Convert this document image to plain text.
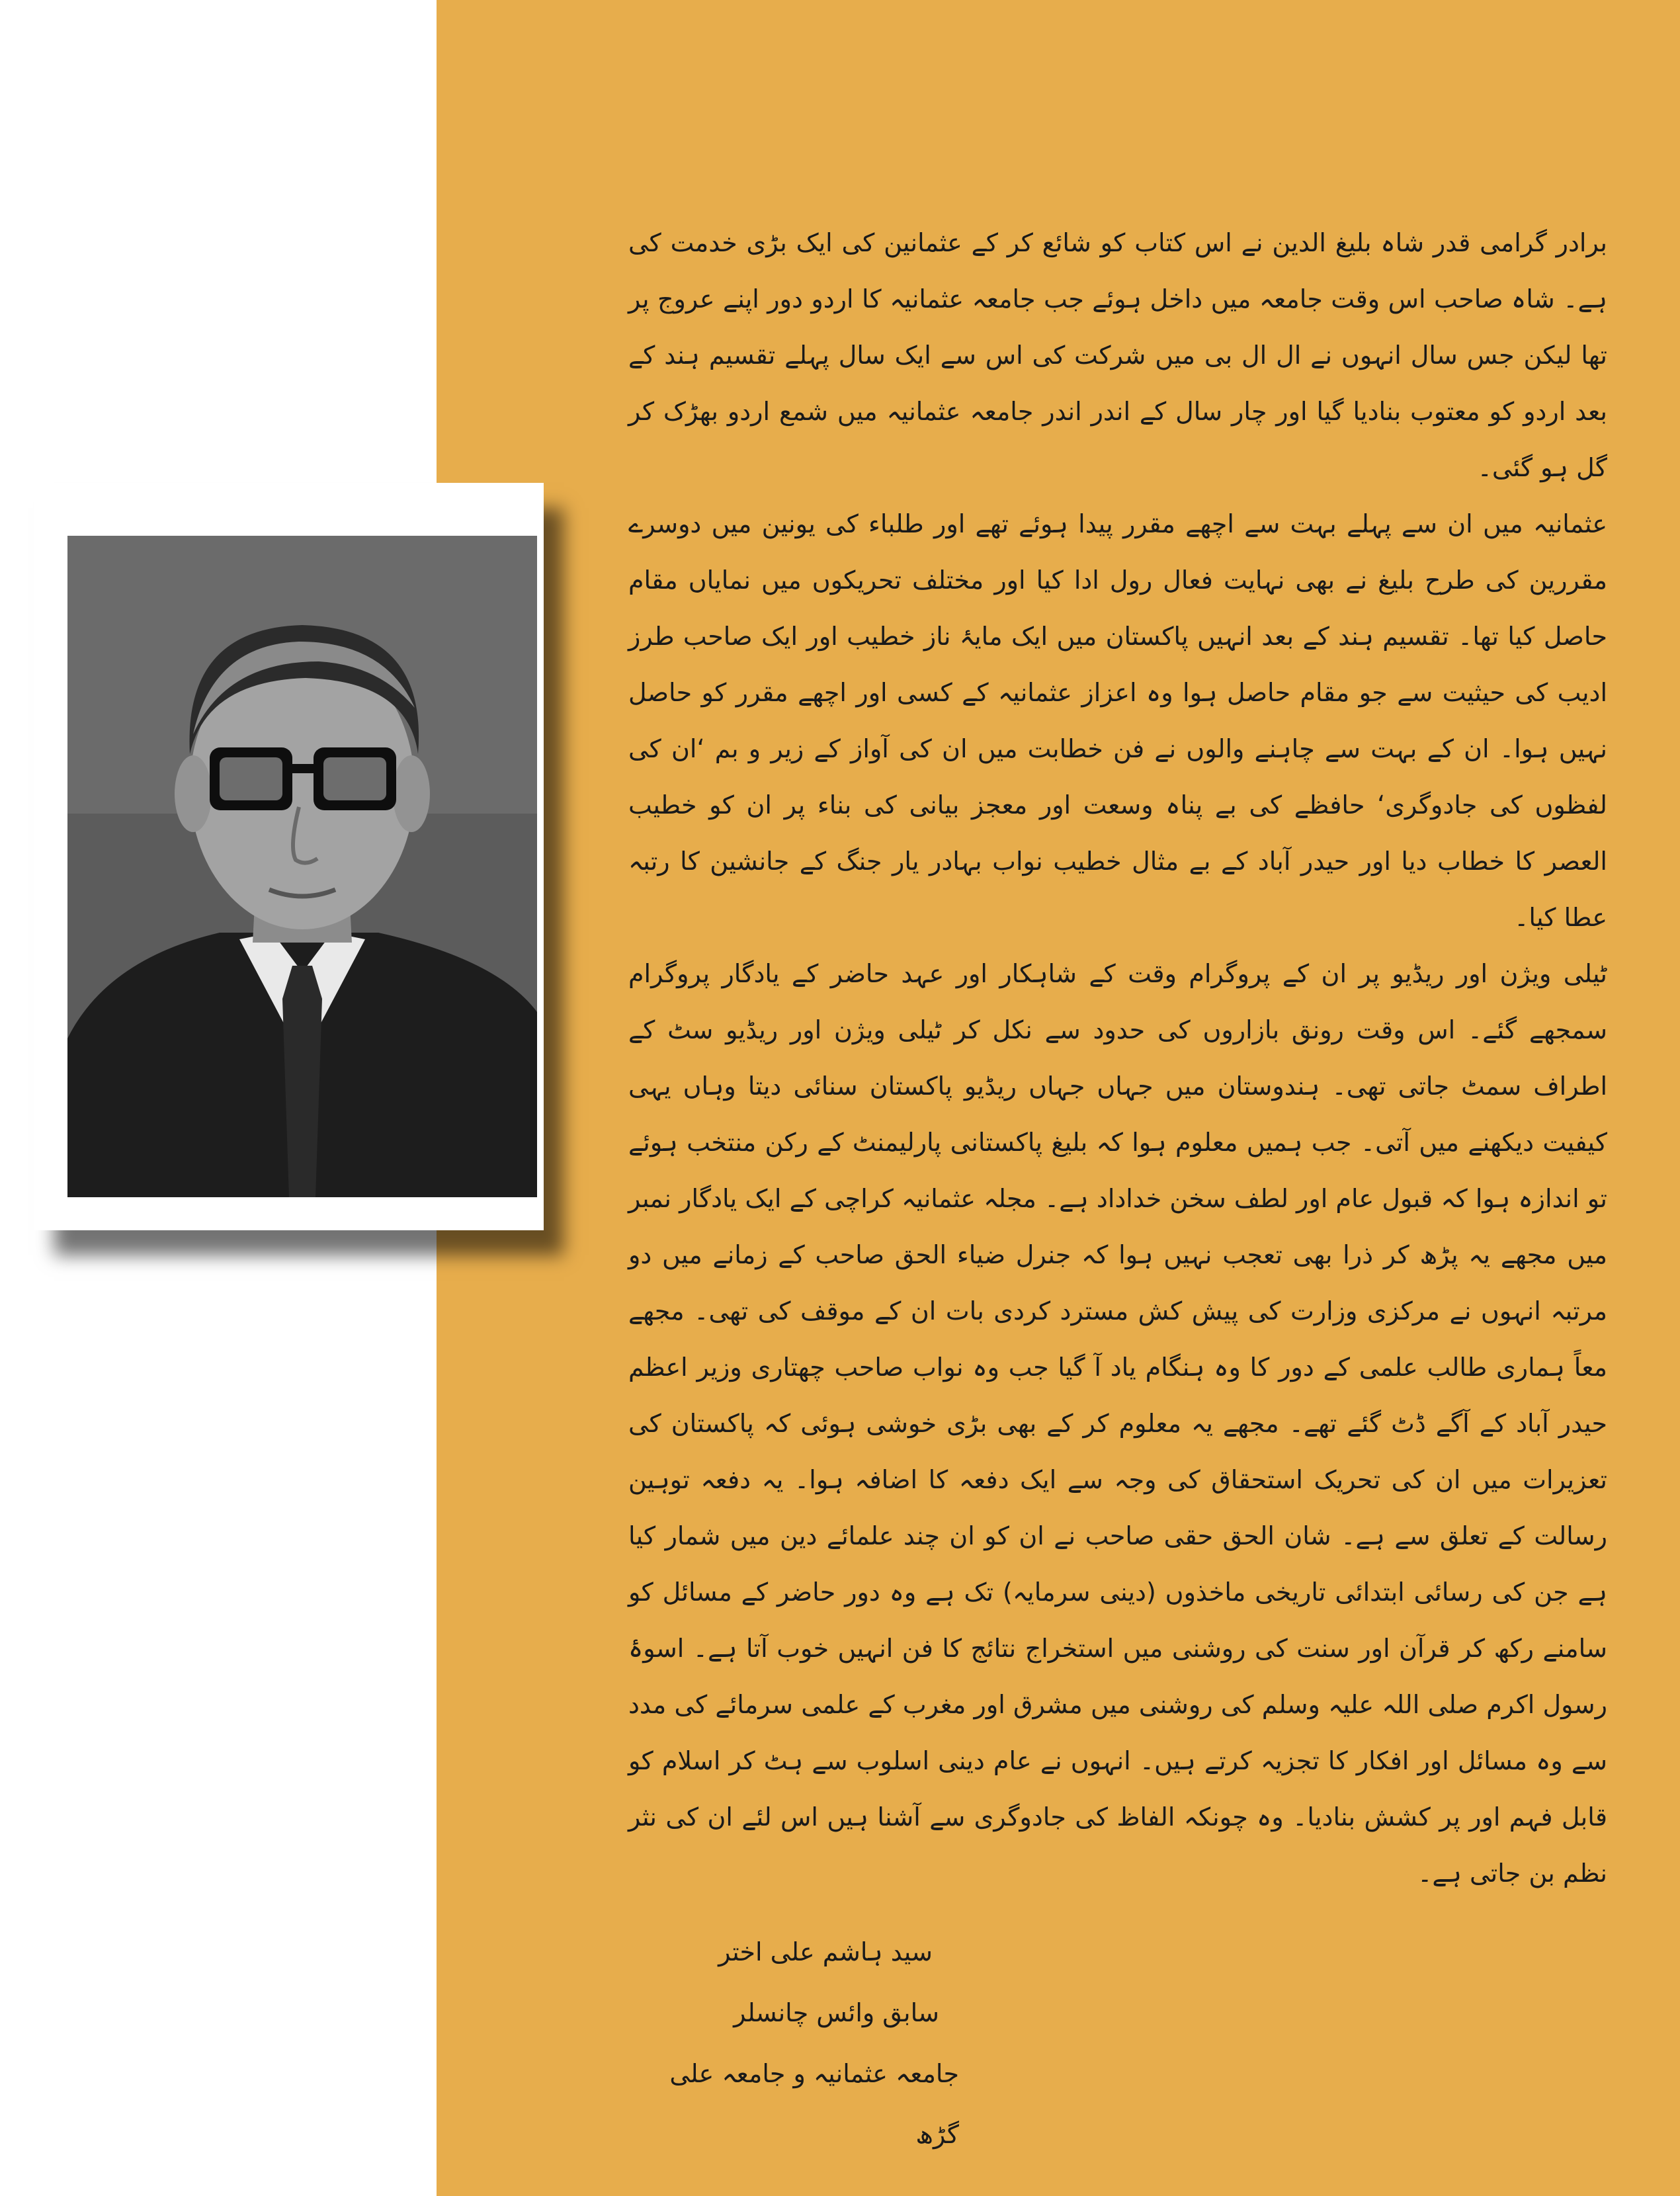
برادر گرامی قدر شاہ بلیغ الدین نے اس کتاب کو شائع کر کے عثمانین کی ایک بڑی خدمت کی ہے۔ شاہ صاحب اس وقت جامعہ میں داخل ہوئے جب جامعہ عثمانیہ کا اردو دور اپنے عروج پر تھا لیکن جس سال انہوں نے ال ال بی میں شرکت کی اس سے ایک سال پہلے تقسیم ہند کے بعد اردو کو معتوب بنادیا گیا اور چار سال کے اندر اندر جامعہ عثمانیہ میں شمع اردو بھڑک کر گل ہو گئی۔

عثمانیہ میں ان سے پہلے بہت سے اچھے مقرر پیدا ہوئے تھے اور طلباء کی یونین میں دوسرے مقررین کی طرح بلیغ نے بھی نہایت فعال رول ادا کیا اور مختلف تحریکوں میں نمایاں مقام حاصل کیا تھا۔ تقسیم ہند کے بعد انہیں پاکستان میں ایک مایۂ ناز خطیب اور ایک صاحب طرز ادیب کی حیثیت سے جو مقام حاصل ہوا وہ اعزاز عثمانیہ کے کسی اور اچھے مقرر کو حاصل نہیں ہوا۔ ان کے بہت سے چاہنے والوں نے فن خطابت میں ان کی آواز کے زیر و بم ‘ان کی لفظوں کی جادوگری‘ حافظے کی بے پناہ وسعت اور معجز بیانی کی بناء پر ان کو خطیب العصر کا خطاب دیا اور حیدر آباد کے بے مثال خطیب نواب بہادر یار جنگ کے جانشین کا رتبہ عطا کیا۔

ٹیلی ویژن اور ریڈیو پر ان کے پروگرام وقت کے شاہکار اور عہد حاضر کے یادگار پروگرام سمجھے گئے۔ اس وقت رونق بازاروں کی حدود سے نکل کر ٹیلی ویژن اور ریڈیو سٹ کے اطراف سمٹ جاتی تھی۔ ہندوستان میں جہاں جہاں ریڈیو پاکستان سنائی دیتا وہاں یہی کیفیت دیکھنے میں آتی۔ جب ہمیں معلوم ہوا کہ بلیغ پاکستانی پارلیمنٹ کے رکن منتخب ہوئے تو اندازہ ہوا کہ قبول عام اور لطف سخن خداداد ہے۔ مجلہ عثمانیہ کراچی کے ایک یادگار نمبر میں مجھے یہ پڑھ کر ذرا بھی تعجب نہیں ہوا کہ جنرل ضیاء الحق صاحب کے زمانے میں دو مرتبہ انہوں نے مرکزی وزارت کی پیش کش مسترد کردی بات ان کے موقف کی تھی۔ مجھے معاً ہماری طالب علمی کے دور کا وہ ہنگام یاد آ گیا جب وہ نواب صاحب چھتاری وزیر اعظم حیدر آباد کے آگے ڈٹ گئے تھے۔ مجھے یہ معلوم کر کے بھی بڑی خوشی ہوئی کہ پاکستان کی تعزیرات میں ان کی تحریک استحقاق کی وجہ سے ایک دفعہ کا اضافہ ہوا۔ یہ دفعہ توہین رسالت کے تعلق سے ہے۔ شان الحق حقی صاحب نے ان کو ان چند علمائے دین میں شمار کیا ہے جن کی رسائی ابتدائی تاریخی ماخذوں (دینی سرمایہ) تک ہے وہ دور حاضر کے مسائل کو سامنے رکھ کر قرآن اور سنت کی روشنی میں استخراج نتائج کا فن انہیں خوب آتا ہے۔ اسوۂ رسول اکرم صلی اللہ علیہ وسلم کی روشنی میں مشرق اور مغرب کے علمی سرمائے کی مدد سے وہ مسائل اور افکار کا تجزیہ کرتے ہیں۔ انہوں نے عام دینی اسلوب سے ہٹ کر اسلام کو قابل فہم اور پر کشش بنادیا۔ وہ چونکہ الفاظ کی جادوگری سے آشنا ہیں اس لئے ان کی نثر نظم بن جاتی ہے۔

سید ہاشم علی اختر
سابق وائس چانسلر
جامعہ عثمانیہ و جامعہ علی گڑھ
